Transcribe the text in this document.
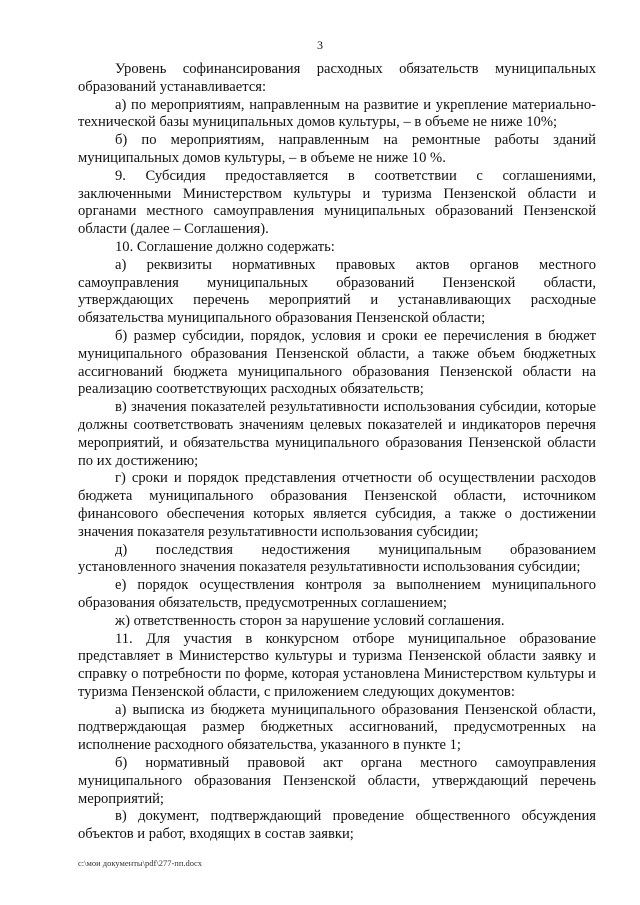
3

Уровень софинансирования расходных обязательств муниципальных образований устанавливается:

а) по мероприятиям, направленным на развитие и укрепление материально-технической базы муниципальных домов культуры, – в объеме не ниже 10%;

б) по мероприятиям, направленным на ремонтные работы зданий муниципальных домов культуры, – в объеме не ниже 10 %.

9. Субсидия предоставляется в соответствии с соглашениями, заключенными Министерством культуры и туризма Пензенской области и органами местного самоуправления муниципальных образований Пензенской области (далее – Соглашения).

10. Соглашение должно содержать:

а) реквизиты нормативных правовых актов органов местного самоуправления муниципальных образований Пензенской области, утверждающих перечень мероприятий и устанавливающих расходные обязательства муниципального образования Пензенской области;

б) размер субсидии, порядок, условия и сроки ее перечисления в бюджет муниципального образования Пензенской области, а также объем бюджетных ассигнований бюджета муниципального образования Пензенской области на реализацию соответствующих расходных обязательств;

в) значения показателей результативности использования субсидии, которые должны соответствовать значениям целевых показателей и индикаторов перечня мероприятий, и обязательства муниципального образования Пензенской области по их достижению;

г) сроки и порядок представления отчетности об осуществлении расходов бюджета муниципального образования Пензенской области, источником финансового обеспечения которых является субсидия, а также о достижении значения показателя результативности использования субсидии;

д) последствия недостижения муниципальным образованием установленного значения показателя результативности использования субсидии;

е) порядок осуществления контроля за выполнением муниципального образования обязательств, предусмотренных соглашением;

ж) ответственность сторон за нарушение условий соглашения.

11. Для участия в конкурсном отборе муниципальное образование представляет в Министерство культуры и туризма Пензенской области заявку и справку о потребности по форме, которая установлена Министерством культуры и туризма Пензенской области, с приложением следующих документов:

а) выписка из бюджета муниципального образования Пензенской области, подтверждающая размер бюджетных ассигнований, предусмотренных на исполнение расходного обязательства, указанного в пункте 1;

б) нормативный правовой акт органа местного самоуправления муниципального образования Пензенской области, утверждающий перечень мероприятий;

в) документ, подтверждающий проведение общественного обсуждения объектов и работ, входящих в состав заявки;

c:\мои документы\pdf\277-пп.docx
